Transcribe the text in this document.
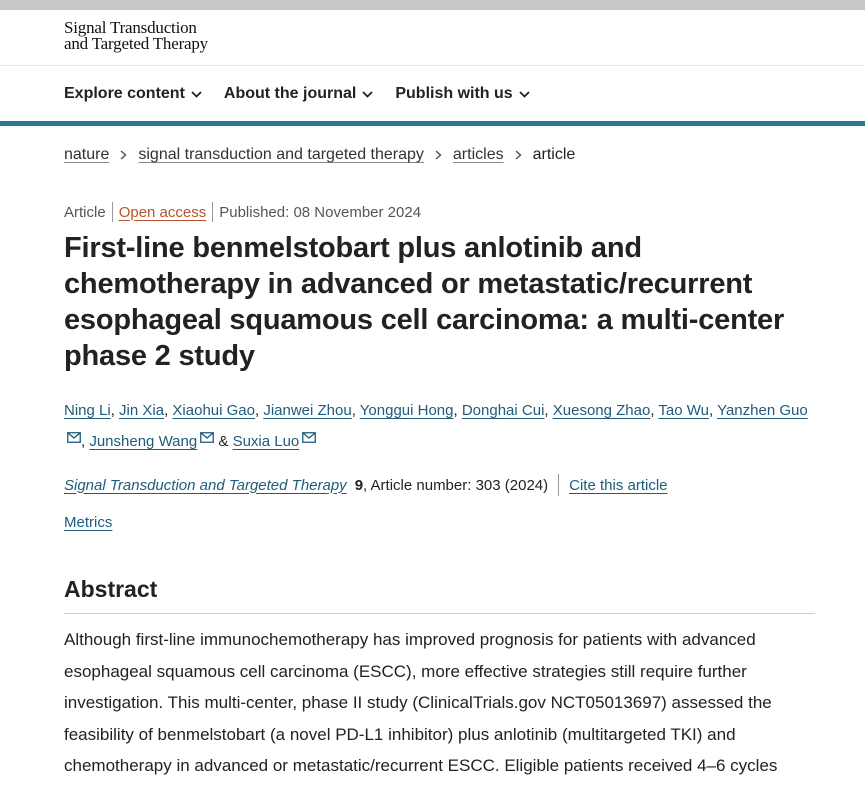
Signal Transduction
and Targeted Therapy
Explore content About the journal Publish with us
nature signal transduction and targeted therapy articles article
Article Open access Published: 08 November 2024
First-line benmelstobart plus anlotinib and chemotherapy in advanced or metastatic/recurrent esophageal squamous cell carcinoma: a multi-center phase 2 study
Ning Li, Jin Xia, Xiaohui Gao, Jianwei Zhou, Yonggui Hong, Donghai Cui, Xuesong Zhao, Tao Wu, Yanzhen Guo, Junsheng Wang & Suxia Luo
Signal Transduction and Targeted Therapy 9 , Article number: 303 (2024) Cite this article
Metrics
Abstract

Although first-line immunochemotherapy has improved prognosis for patients with advanced
esophageal squamous cell carcinoma (ESCC), more effective strategies still require further
investigation. This multi-center, phase II study (ClinicalTrials.gov NCT05013697) assessed the
feasibility of benmelstobart (a novel PD-L1 inhibitor) plus anlotinib (multitargeted TKI) and
chemotherapy in advanced or metastatic/recurrent ESCC. Eligible patients received 4–6 cycles
